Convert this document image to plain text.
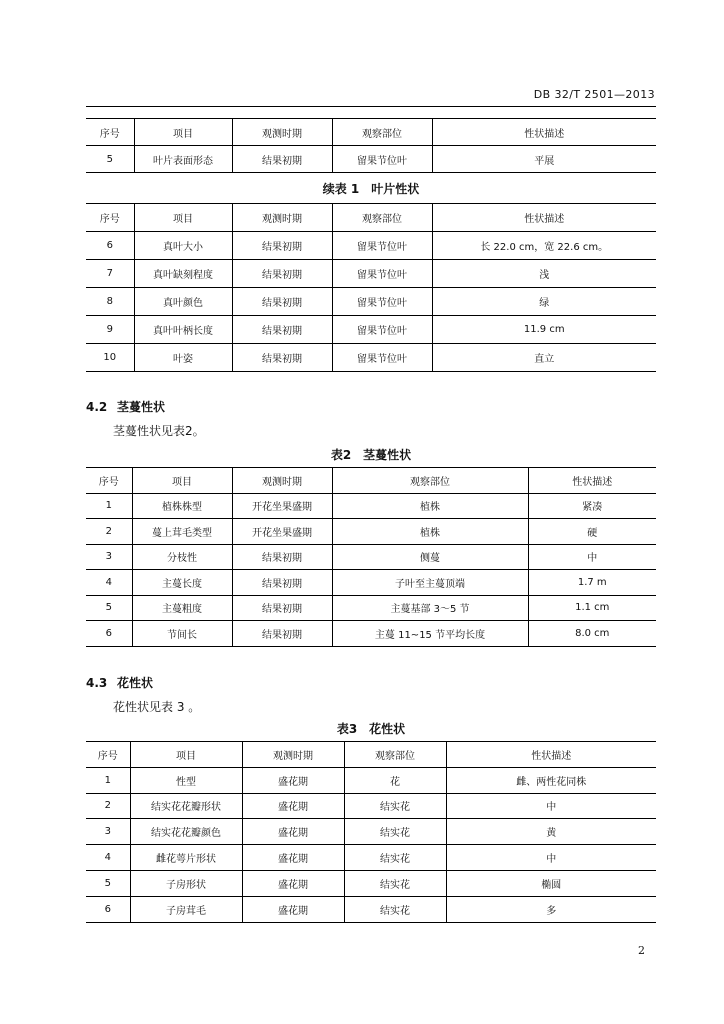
DB 32/T 2501—2013
序号	项目	观测时期	观察部位	性状描述
5	叶片表面形态	结果初期	留果节位叶	平展
续表 1　叶片性状
序号	项目	观测时期	观察部位	性状描述
6	真叶大小	结果初期	留果节位叶	长 22.0 cm，宽 22.6 cm。
7	真叶缺刻程度	结果初期	留果节位叶	浅
8	真叶颜色	结果初期	留果节位叶	绿
9	真叶叶柄长度	结果初期	留果节位叶	11.9 cm
10	叶姿	结果初期	留果节位叶	直立
4.2 茎蔓性状
茎蔓性状见表2。
表2　茎蔓性状
序号	项目	观测时期	观察部位	性状描述
1	植株株型	开花坐果盛期	植株	紧凑
2	蔓上茸毛类型	开花坐果盛期	植株	硬
3	分枝性	结果初期	侧蔓	中
4	主蔓长度	结果初期	子叶至主蔓顶端	1.7 m
5	主蔓粗度	结果初期	主蔓基部 3～5 节	1.1 cm
6	节间长	结果初期	主蔓 11~15 节平均长度	8.0 cm
4.3 花性状
花性状见表 3 。
表3　花性状
序号	项目	观测时期	观察部位	性状描述
1	性型	盛花期	花	雌、两性花同株
2	结实花花瓣形状	盛花期	结实花	中
3	结实花花瓣颜色	盛花期	结实花	黄
4	雌花萼片形状	盛花期	结实花	中
5	子房形状	盛花期	结实花	椭圆
6	子房茸毛	盛花期	结实花	多
2
